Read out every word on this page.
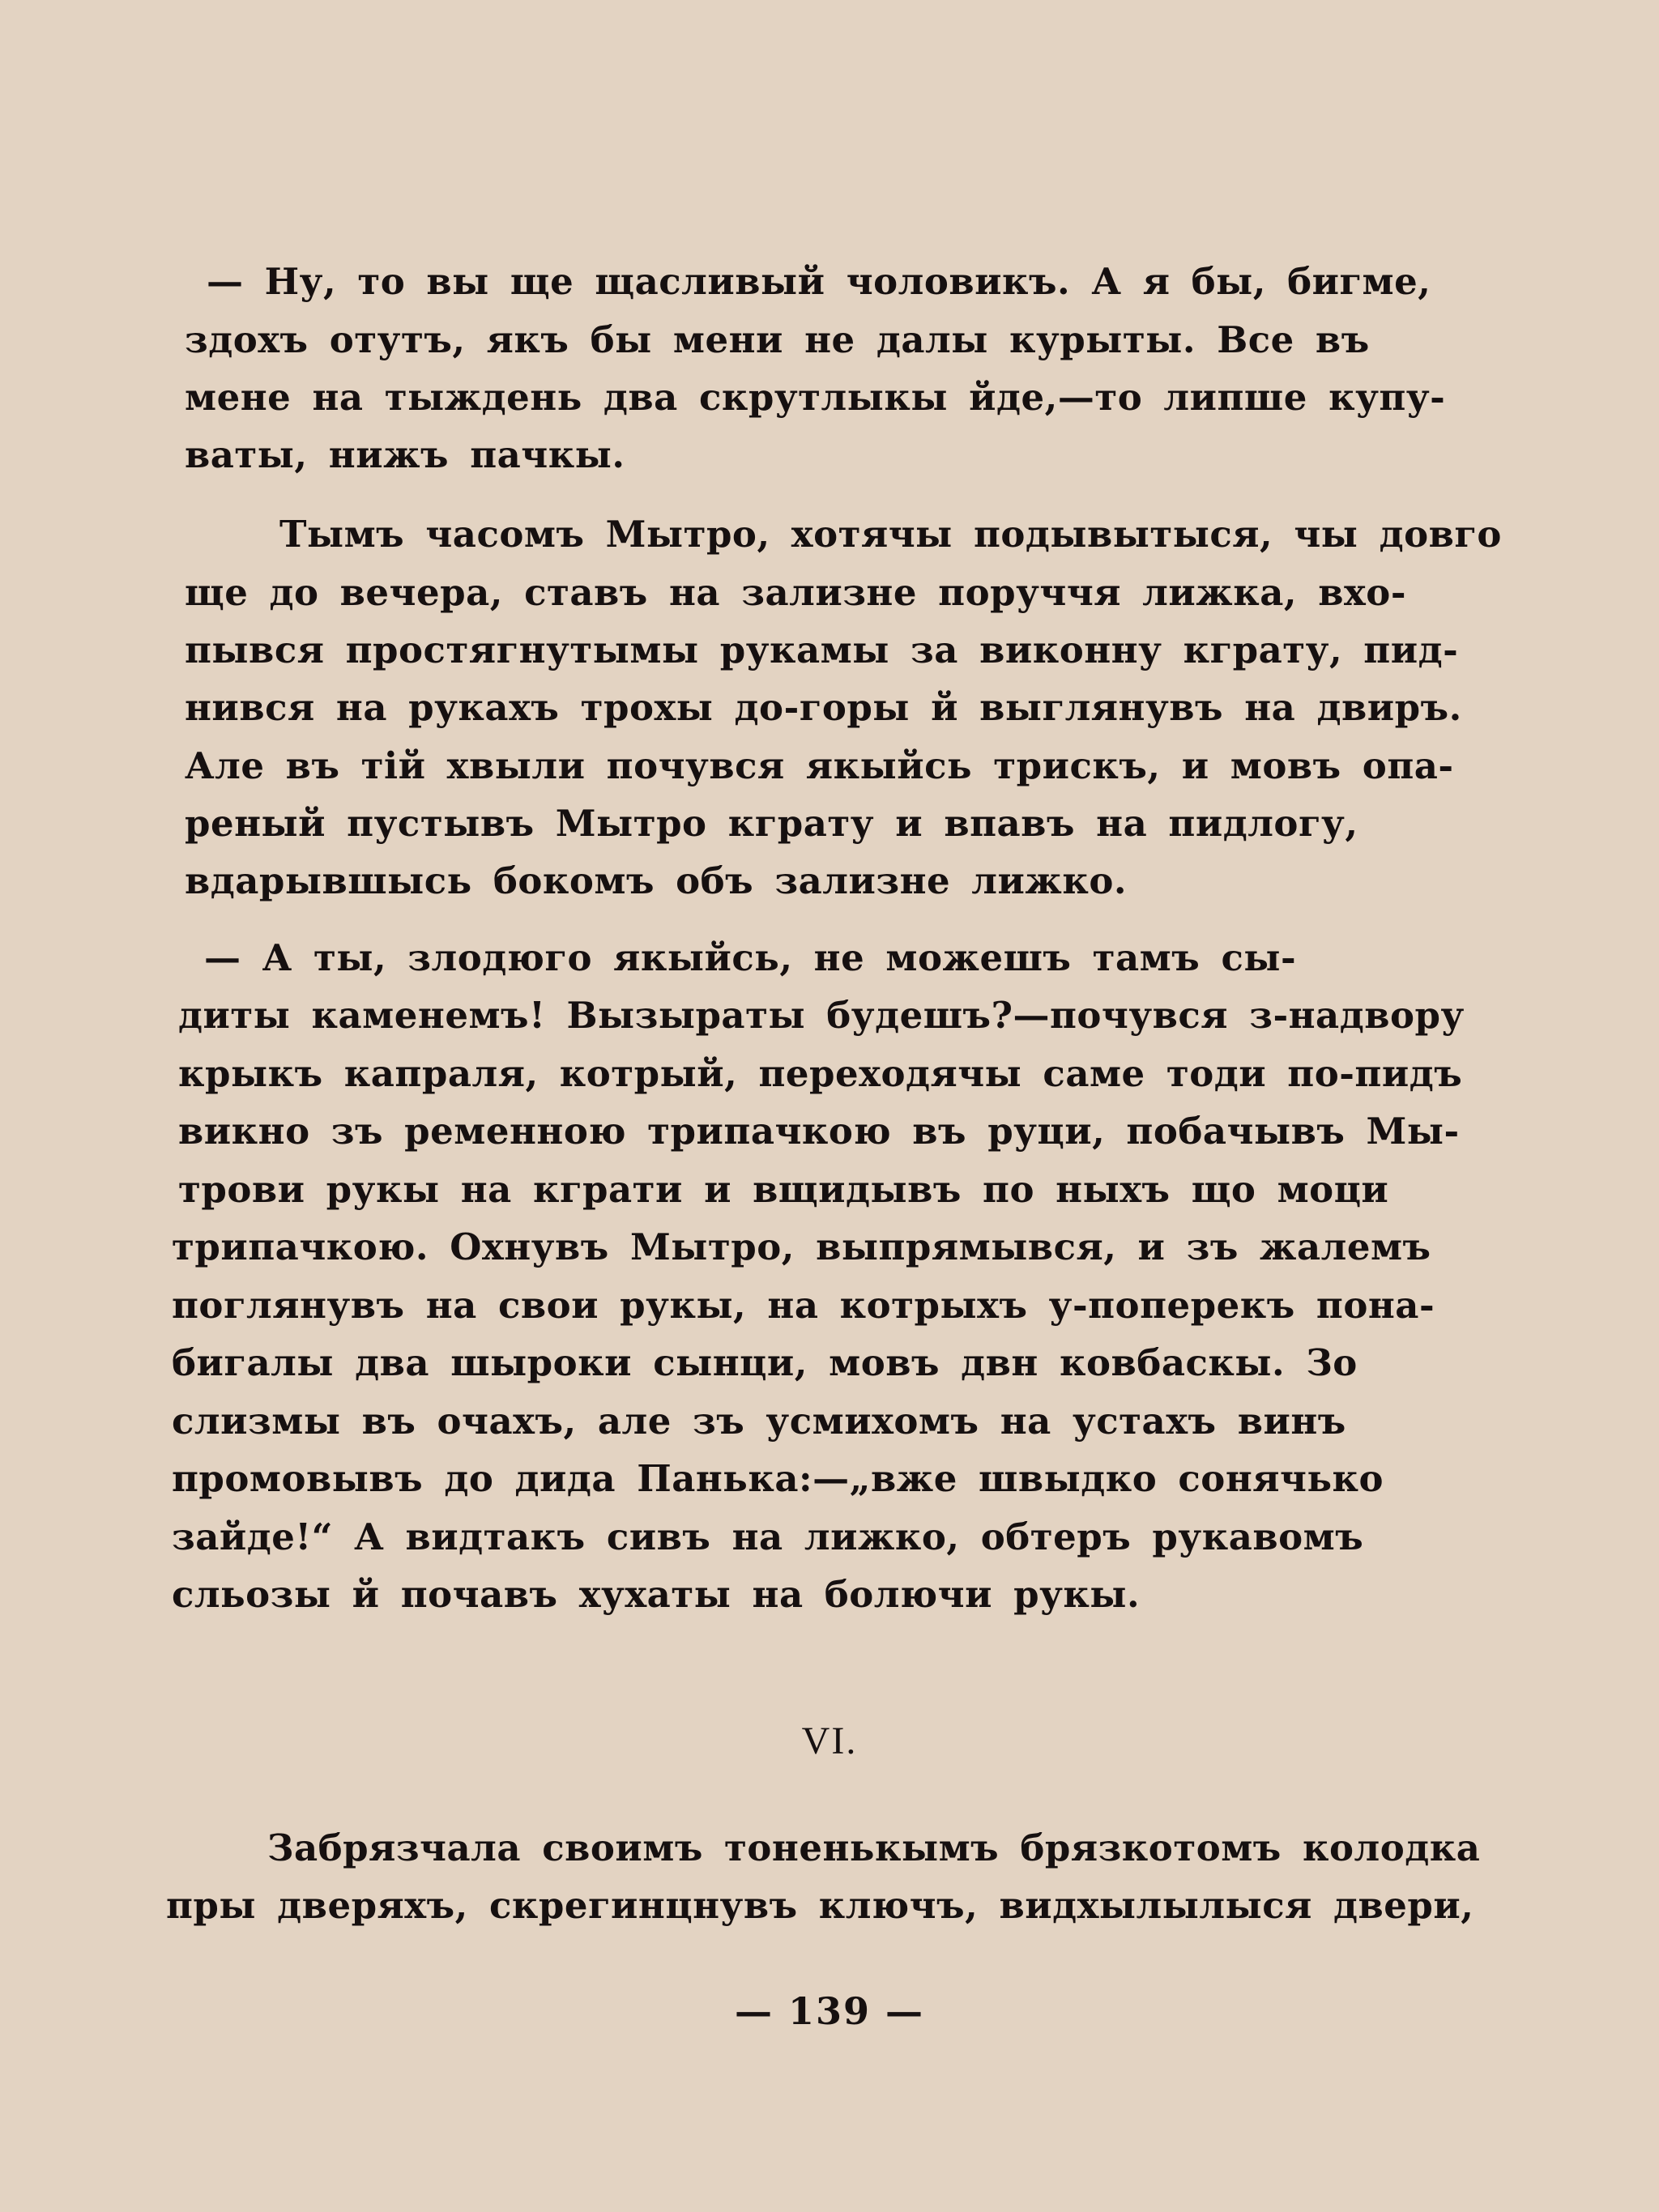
— Ну, то вы ще щасливый чоловикъ. А я бы, бигме,
здохъ отутъ, якъ бы мени не далы курыты. Все въ
мене на тыждень два скрутлыкы йде,—то липше купу-
ваты, нижъ пачкы.
Тымъ часомъ Мытро, хотячы подывытыся, чы довго
ще до вечера, ставъ на зализне поруччя лижка, вхо-
пывся простягнутымы рукамы за виконну кграту, пид-
нився на рукахъ трохы до-горы й выглянувъ на двиръ.
Але въ тій хвыли почувся якыйсь трискъ, и мовъ опа-
реный пустывъ Мытро кграту и впавъ на пидлогу,
вдарывшысь бокомъ объ зализне лижко.
— А ты, злодюго якыйсь, не можешъ тамъ сы-
диты каменемъ! Вызыраты будешъ?—почувся з-надвору
крыкъ капраля, котрый, переходячы саме тоди по-пидъ
викно зъ ременною трипачкою въ руци, побачывъ Мы-
трови рукы на кграти и вщидывъ по ныхъ що моци
трипачкою. Охнувъ Мытро, выпрямывся, и зъ жалемъ
поглянувъ на свои рукы, на котрыхъ у-поперекъ пона-
бигалы два шыроки сынци, мовъ двн ковбаскы. Зо
слизмы въ очахъ, але зъ усмихомъ на устахъ винъ
промовывъ до дида Панька:—„вже швыдко сонячько
зайде!“ А видтакъ сивъ на лижко, обтеръ рукавомъ
сльозы й почавъ хухаты на болючи рукы.
VI.
Забрязчала своимъ тоненькымъ брязкотомъ колодка
пры дверяхъ, скрегинцнувъ ключъ, видхылылыся двери,
— 139 —
